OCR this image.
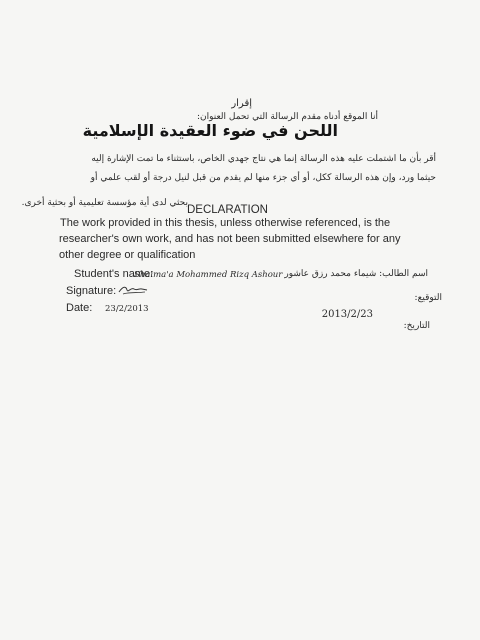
إقرار
أنا الموقع أدناه مقدم الرسالة التي تحمل العنوان:
اللحن في ضوء العقيدة الإسلامية
أقر بأن ما اشتملت عليه هذه الرسالة إنما هي نتاج جهدي الخاص، باستثناء ما تمت الإشارة إليه
حيثما ورد، وإن هذه الرسالة ككل، أو أي جزء منها لم يقدم من قبل لنيل درجة أو لقب علمي أو
بحثي لدى أية مؤسسة تعليمية أو بحثية أخرى.
DECLARATION
The work provided in this thesis, unless otherwise referenced, is the
researcher's own work, and has not been submitted elsewhere for any
other degree or qualification
Student's name:
Shaima'a Mohammed Rizq Ashour اسم الطالب: شيماء محمد رزق عاشور
Signature:
التوقيع:
Date: 23/2/2013	2013/2/23
التاريخ:
